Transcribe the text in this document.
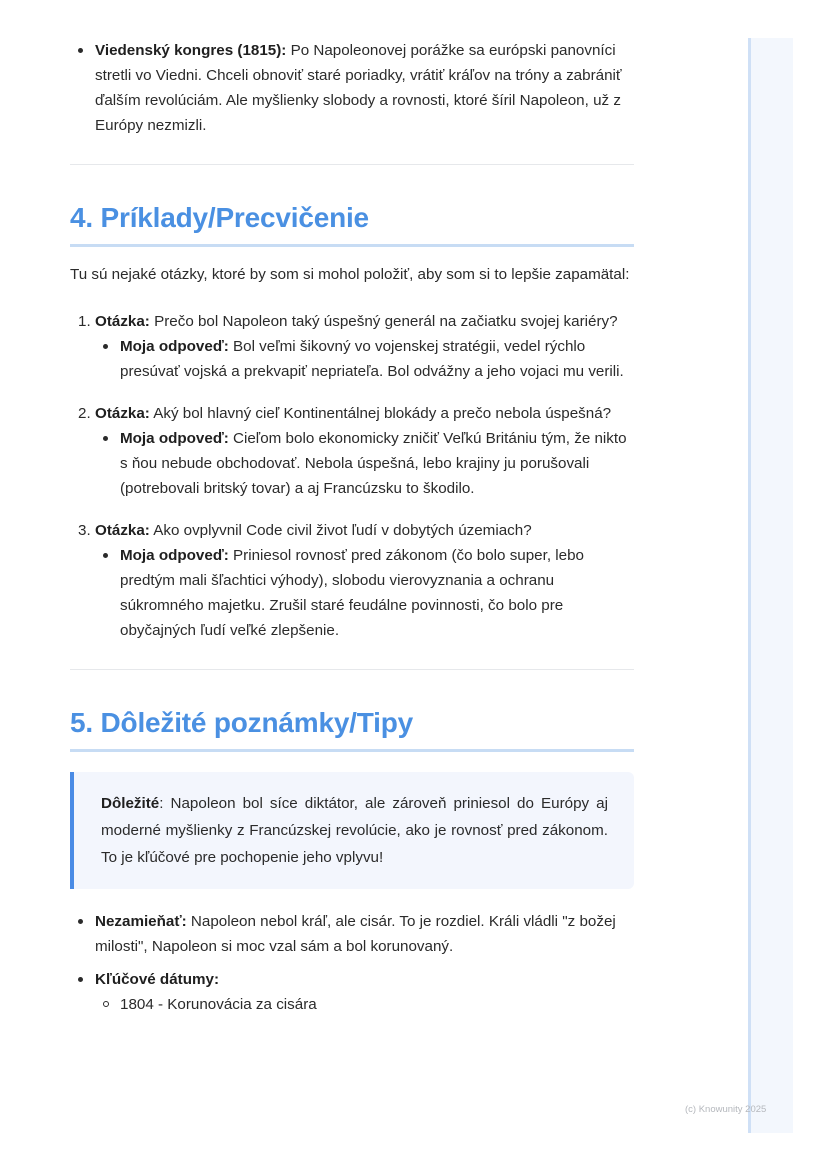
Viedenský kongres (1815): Po Napoleonovej porážke sa európski panovníci stretli vo Viedni. Chceli obnoviť staré poriadky, vrátiť kráľov na tróny a zabrániť ďalším revolúciám. Ale myšlienky slobody a rovnosti, ktoré šíril Napoleon, už z Európy nezmizli.
4. Príklady/Precvičenie

Tu sú nejaké otázky, ktoré by som si mohol položiť, aby som si to lepšie zapamätal:

1. Otázka: Prečo bol Napoleon taký úspešný generál na začiatku svojej kariéry?
Moja odpoveď: Bol veľmi šikovný vo vojenskej stratégii, vedel rýchlo presúvať vojská a prekvapiť nepriateľa. Bol odvážny a jeho vojaci mu verili.
2. Otázka: Aký bol hlavný cieľ Kontinentálnej blokády a prečo nebola úspešná?
Moja odpoveď: Cieľom bolo ekonomicky zničiť Veľkú Britániu tým, že nikto s ňou nebude obchodovať. Nebola úspešná, lebo krajiny ju porušovali (potrebovali britský tovar) a aj Francúzsku to škodilo.
3. Otázka: Ako ovplyvnil Code civil život ľudí v dobytých územiach?
Moja odpoveď: Priniesol rovnosť pred zákonom (čo bolo super, lebo predtým mali šľachtici výhody), slobodu vierovyznania a ochranu súkromného majetku. Zrušil staré feudálne povinnosti, čo bolo pre obyčajných ľudí veľké zlepšenie.
5. Dôležité poznámky/Tipy
Dôležité: Napoleon bol síce diktátor, ale zároveň priniesol do Európy aj moderné myšlienky z Francúzskej revolúcie, ako je rovnosť pred zákonom. To je kľúčové pre pochopenie jeho vplyvu!
Nezamieňať: Napoleon nebol kráľ, ale cisár. To je rozdiel. Králi vládli "z božej milosti", Napoleon si moc vzal sám a bol korunovaný.
Kľúčové dátumy:
1804 - Korunovácia za cisára
(c) Knowunity 2025
